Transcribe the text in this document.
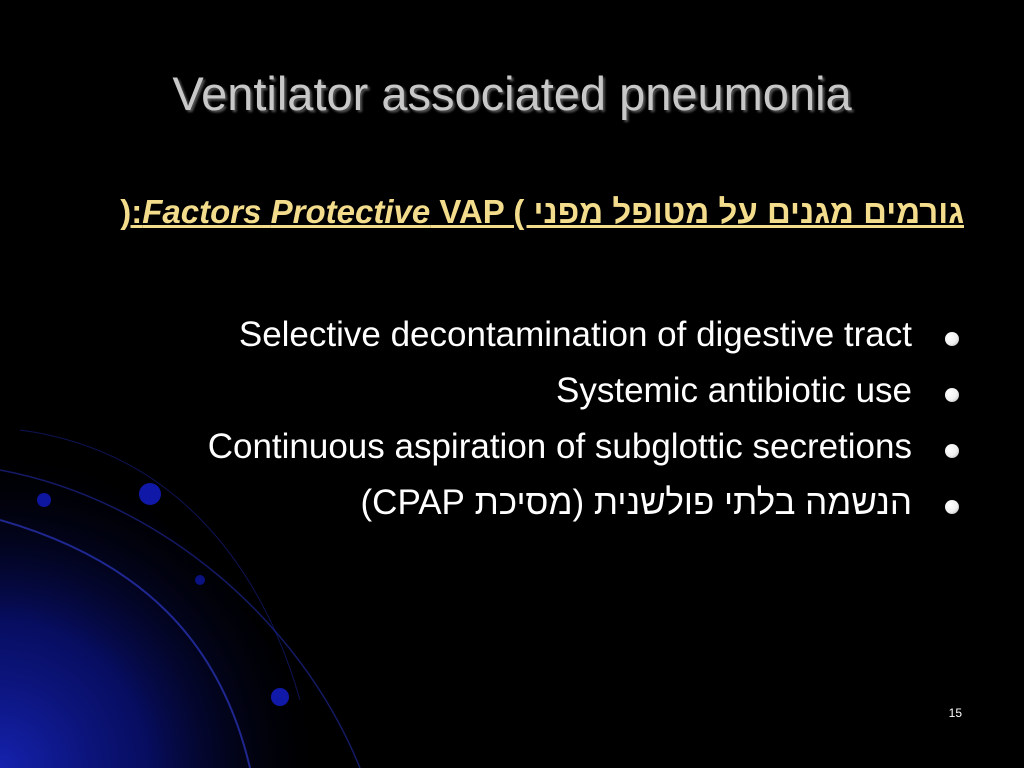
Ventilator associated pneumonia
גורמים מגנים על מטופל מפני VAP ( Protective Factors):
Selective decontamination of digestive tract
Systemic antibiotic use
Continuous aspiration of subglottic secretions
הנשמה בלתי פולשנית (מסיכת CPAP)
15
